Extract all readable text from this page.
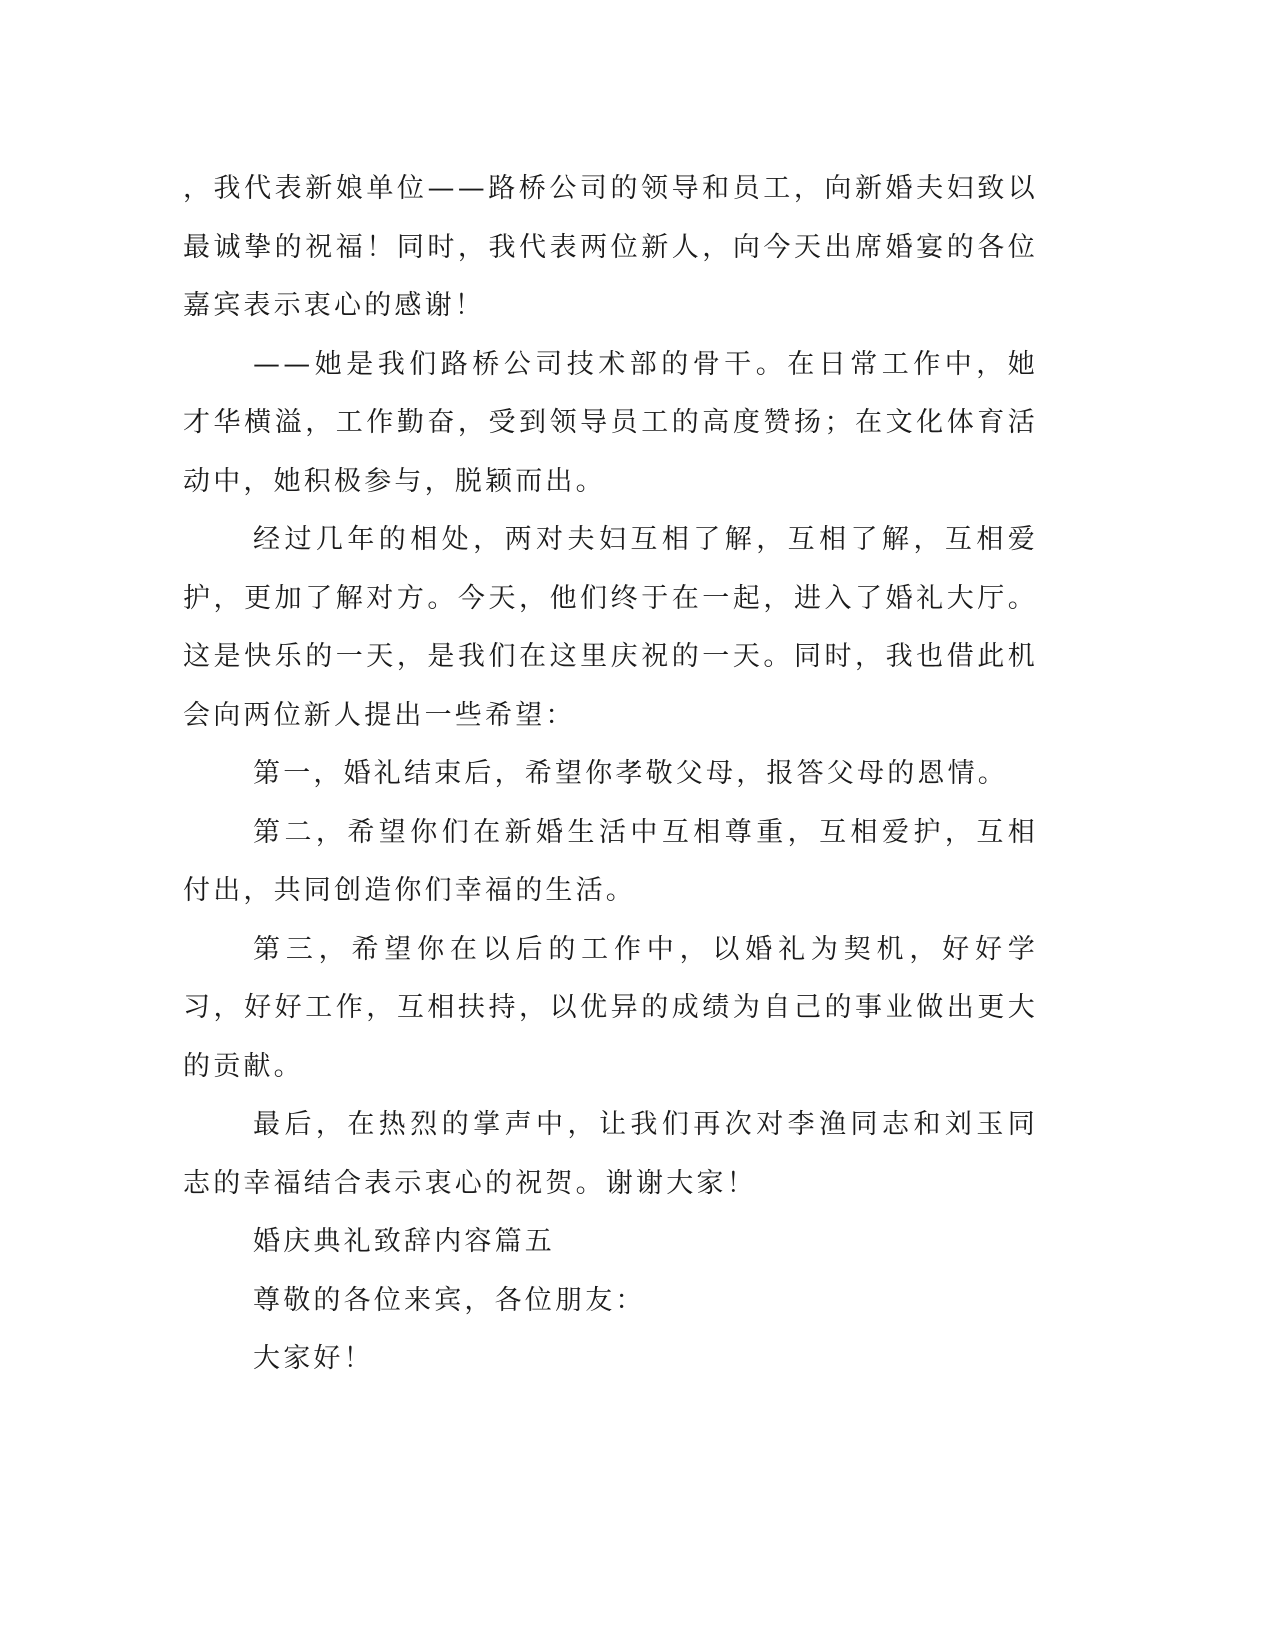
，我代表新娘单位——路桥公司的领导和员工，向新婚夫妇致以最诚挚的祝福！同时，我代表两位新人，向今天出席婚宴的各位嘉宾表示衷心的感谢！

——她是我们路桥公司技术部的骨干。在日常工作中，她才华横溢，工作勤奋，受到领导员工的高度赞扬；在文化体育活动中，她积极参与，脱颖而出。

经过几年的相处，两对夫妇互相了解，互相了解，互相爱护，更加了解对方。今天，他们终于在一起，进入了婚礼大厅。这是快乐的一天，是我们在这里庆祝的一天。同时，我也借此机会向两位新人提出一些希望：

第一，婚礼结束后，希望你孝敬父母，报答父母的恩情。

第二，希望你们在新婚生活中互相尊重，互相爱护，互相付出，共同创造你们幸福的生活。

第三，希望你在以后的工作中，以婚礼为契机，好好学习，好好工作，互相扶持，以优异的成绩为自己的事业做出更大的贡献。

最后，在热烈的掌声中，让我们再次对李渔同志和刘玉同志的幸福结合表示衷心的祝贺。谢谢大家！

婚庆典礼致辞内容篇五

尊敬的各位来宾，各位朋友：

大家好！
